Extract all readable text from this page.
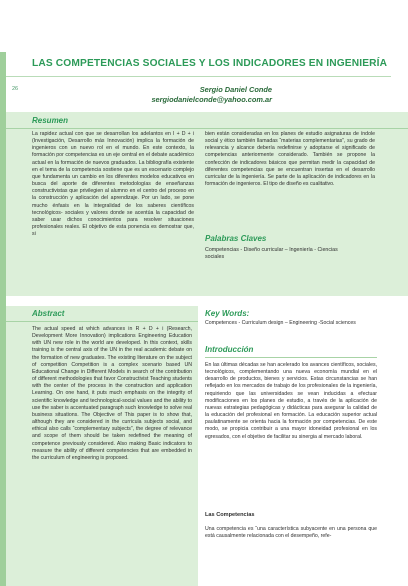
LAS COMPETENCIAS SOCIALES Y LOS INDICADORES EN INGENIERÍA
26	Sergio Daniel Conde
sergiodanielconde@yahoo.com.ar
Resumen

La rapidez actual con que se desarrollan los adelantos en I + D + i (Investigación, Desarrollo más Innovación) implica la formación de ingenieros con un nuevo rol en el mundo. En este contexto, la formación por competencias es un eje central en el debate académico actual en la formación de nuevos graduados. La bibliografía existente en el tema de la competencia sostiene que es un escenario complejo que fundamenta un cambio en los diferentes modelos educativos en busca del aporte de diferentes metodologías de enseñanzas constructivistas que privilegien al alumno en el centro del proceso en la construcción y aplicación del aprendizaje. Por un lado, se pone mucho énfasis en la integralidad de los saberes científicos tecnológicos- sociales y valores donde se acentúa la capacidad de saber usar dichos conocimientos para resolver situaciones profesionales reales. El objetivo de esta ponencia es demostrar que, si

bien están consideradas en los planes de estudio asignaturas de índole social y ético también llamadas “materias complementarias”, su grado de relevancia y alcance debería redefinirse y adoptarse el significado de competencias anteriormente considerado. También se propone la confección de indicadores básicos que permitan medir la capacidad de diferentes competencias que se encuentran insertas en el desarrollo curricular de la ingeniería. Se parte de la aplicación de indicadores en la formación de ingenieros. El tipo de diseño es cualitativo.

Palabras Claves

Competencias - Diseño curricular – Ingeniería - Ciencias sociales

Abstract

The actual speed at which advances in R + D + i (Research, Development More Innovation) implications Engineering Education with UN new role in the world are developed. In this context, skills training is the central axis of the UN in the real academic debate on the formation of new graduates. The existing literature on the subject of competition Competition is a complex scenario based UN Educational Change in Different Models in search of the contribution of different methodologies that favor Constructivist Teaching students with the center of the process in the construction and application Learning. On one hand, it puts much emphasis on the integrity of scientific knowledge and technological-social values and the ability to use the saber is accentuated paragraph such knowledge to solve real business situations. The Objective of This paper is to show that, although they are considered in the curricula subjects social, and ethical also calls “complementary subjects”, the degree of relevance and scope of them should be taken redefined the meaning of competence previously considered. Also making Basic indicators to measure the ability of different competencies that are embedded in the curriculum of engineering is proposed.

Key Words:

Competences - Curriculum design – Engineering -Social sciences

Introducción

En las últimas décadas se han acelerado los avances científicos, sociales, tecnológicos, complementando una nueva economía mundial en el desarrollo de productos, bienes y servicios. Estas circunstancias se han reflejado en los mercados de trabajo de los profesionales de la ingeniería, requiriendo que las universidades se vean inducidas a efectuar modificaciones en los planes de estudio, a través de la aplicación de nuevas estrategias pedagógicas y didácticas para asegurar la calidad de la educación del profesional en formación. La educación superior actual paulatinamente se orienta hacia la formación por competencias. De este modo, se propicia contribuir a una mayor idoneidad profesional en los egresados, con el objetivo de facilitar su sinergia al mercado laboral.

Las Competencias

Una competencia es “una característica subyacente en una persona que está causalmente relacionada con el desempeño, refe-
